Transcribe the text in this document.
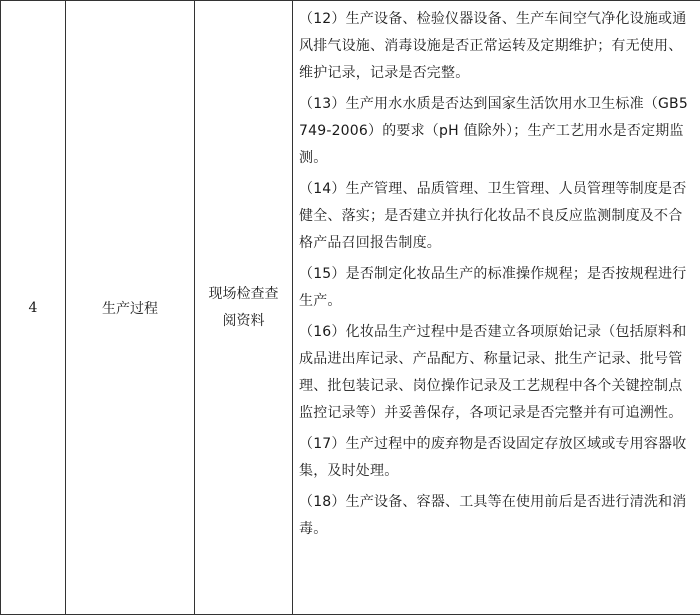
4	生产过程	现场检查查阅资料	

（12）生产设备、检验仪器设备、生产车间空气净化设施或通风排气设施、消毒设施是否正常运转及定期维护；有无使用、维护记录，记录是否完整。

（13）生产用水水质是否达到国家生活饮用水卫生标准（GB5749-2006）的要求（pH 值除外）；生产工艺用水是否定期监测。

（14）生产管理、品质管理、卫生管理、人员管理等制度是否健全、落实；是否建立并执行化妆品不良反应监测制度及不合格产品召回报告制度。

（15）是否制定化妆品生产的标准操作规程；是否按规程进行生产。

（16）化妆品生产过程中是否建立各项原始记录（包括原料和成品进出库记录、产品配方、称量记录、批生产记录、批号管理、批包装记录、岗位操作记录及工艺规程中各个关键控制点监控记录等）并妥善保存，各项记录是否完整并有可追溯性。

（17）生产过程中的废弃物是否设固定存放区域或专用容器收集，及时处理。

（18）生产设备、容器、工具等在使用前后是否进行清洗和消毒。
